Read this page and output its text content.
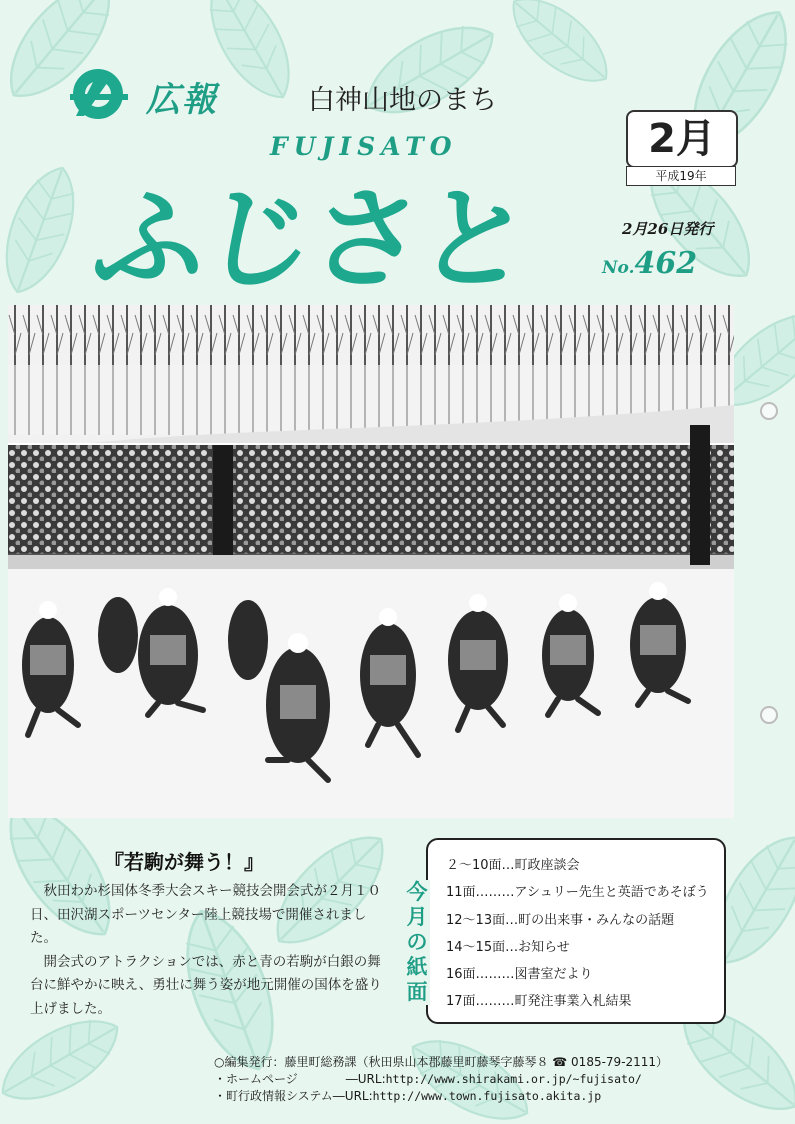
広報	白神山地のまち
FUJISATO
ふじさと
2月
平成19年
2月26日発行
No.462
『若駒が舞う！』

秋田わか杉国体冬季大会スキー競技会開会式が２月１０日、田沢湖スポーツセンター陸上競技場で開催されました。

開会式のアトラクションでは、赤と青の若駒が白銀の舞台に鮮やかに映え、勇壮に舞う姿が地元開催の国体を盛り上げました。

今月の紙面
２～10面…町政座談会
11面………アシュリー先生と英語であそぼう
12～13面…町の出来事・みんなの話題
14～15面…お知らせ
16面………図書室だより
17面………町発注事業入札結果
○編集発行：藤里町総務課（秋田県山本郡藤里町藤琴字藤琴８ ☎ 0185-79-2111）
・ホームページ　　　　―URL:http://www.shirakami.or.jp/~fujisato/
・町行政情報システム―URL:http://www.town.fujisato.akita.jp
